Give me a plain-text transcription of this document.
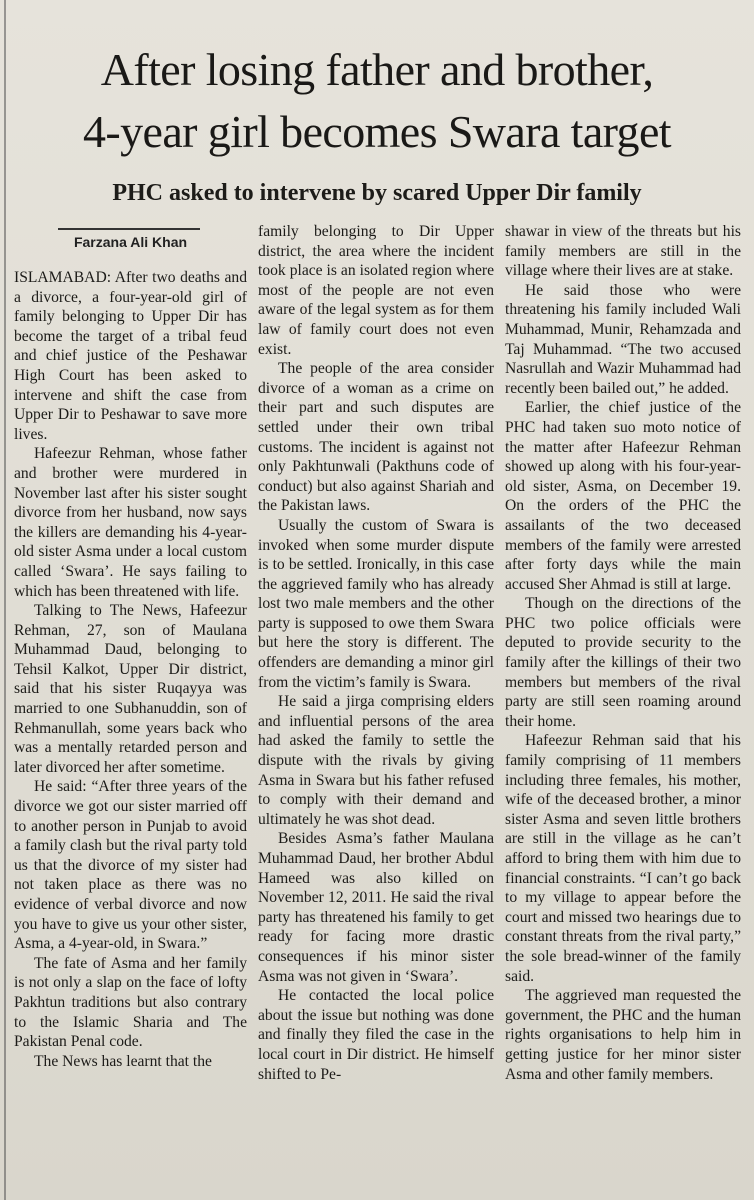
After losing father and brother,
4-year girl becomes Swara target
PHC asked to intervene by scared Upper Dir family
Farzana Ali Khan

ISLAMABAD: After two deaths and a divorce, a four-year-old girl of family belonging to Upper Dir has become the target of a tribal feud and chief justice of the Peshawar High Court has been asked to intervene and shift the case from Upper Dir to Peshawar to save more lives.

Hafeezur Rehman, whose father and brother were murdered in November last after his sister sought divorce from her husband, now says the killers are demanding his 4-year-old sister Asma under a local custom called ‘Swara’. He says failing to which has been threatened with life.

Talking to The News, Hafeezur Rehman, 27, son of Maulana Muhammad Daud, belonging to Tehsil Kalkot, Upper Dir district, said that his sister Ruqayya was married to one Subhanuddin, son of Rehmanullah, some years back who was a mentally retarded person and later divorced her after sometime.

He said: “After three years of the divorce we got our sister married off to another person in Punjab to avoid a family clash but the rival party told us that the divorce of my sister had not taken place as there was no evidence of verbal divorce and now you have to give us your other sister, Asma, a 4-year-old, in Swara.”

The fate of Asma and her family is not only a slap on the face of lofty Pakhtun traditions but also contrary to the Islamic Sharia and The Pakistan Penal code.

The News has learnt that the

family belonging to Dir Upper district, the area where the incident took place is an isolated region where most of the people are not even aware of the legal system as for them law of family court does not even exist.

The people of the area consider divorce of a woman as a crime on their part and such disputes are settled under their own tribal customs. The incident is against not only Pakhtunwali (Pakthuns code of conduct) but also against Shariah and the Pakistan laws.

Usually the custom of Swara is invoked when some murder dispute is to be settled. Ironically, in this case the aggrieved family who has already lost two male members and the other party is supposed to owe them Swara but here the story is different. The offenders are demanding a minor girl from the victim’s family is Swara.

He said a jirga comprising elders and influential persons of the area had asked the family to settle the dispute with the rivals by giving Asma in Swara but his father refused to comply with their demand and ultimately he was shot dead.

Besides Asma’s father Maulana Muhammad Daud, her brother Abdul Hameed was also killed on November 12, 2011. He said the rival party has threatened his family to get ready for facing more drastic consequences if his minor sister Asma was not given in ‘Swara’.

He contacted the local police about the issue but nothing was done and finally they filed the case in the local court in Dir district. He himself shifted to Pe-

shawar in view of the threats but his family members are still in the village where their lives are at stake.

He said those who were threatening his family included Wali Muhammad, Munir, Rehamzada and Taj Muhammad. “The two accused Nasrullah and Wazir Muhammad had recently been bailed out,” he added.

Earlier, the chief justice of the PHC had taken suo moto notice of the matter after Hafeezur Rehman showed up along with his four-year-old sister, Asma, on December 19. On the orders of the PHC the assailants of the two deceased members of the family were arrested after forty days while the main accused Sher Ahmad is still at large.

Though on the directions of the PHC two police officials were deputed to provide security to the family after the killings of their two members but members of the rival party are still seen roaming around their home.

Hafeezur Rehman said that his family comprising of 11 members including three females, his mother, wife of the deceased brother, a minor sister Asma and seven little brothers are still in the village as he can’t afford to bring them with him due to financial constraints. “I can’t go back to my village to appear before the court and missed two hearings due to constant threats from the rival party,” the sole bread-winner of the family said.

The aggrieved man requested the government, the PHC and the human rights organisations to help him in getting justice for her minor sister Asma and other family members.
